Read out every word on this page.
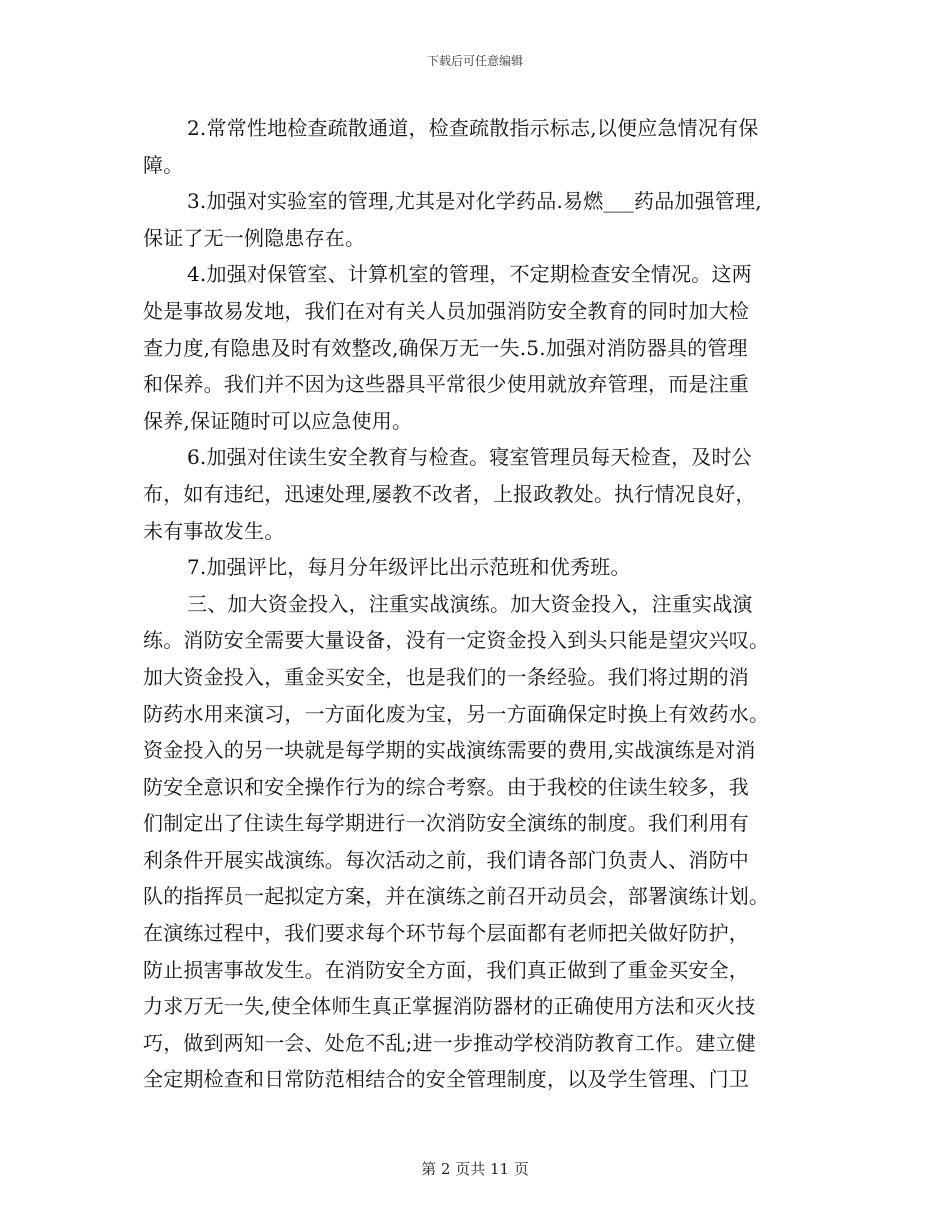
下载后可任意编辑
2.常常性地检查疏散通道，检查疏散指示标志,以便应急情况有保
障。
3.加强对实验室的管理,尤其是对化学药品.易燃___药品加强管理,
保证了无一例隐患存在。
4.加强对保管室、计算机室的管理，不定期检查安全情况。这两
处是事故易发地，我们在对有关人员加强消防安全教育的同时加大检
查力度,有隐患及时有效整改,确保万无一失.5.加强对消防器具的管理
和保养。我们并不因为这些器具平常很少使用就放弃管理，而是注重
保养,保证随时可以应急使用。
6.加强对住读生安全教育与检查。寝室管理员每天检查，及时公
布，如有违纪，迅速处理,屡教不改者，上报政教处。执行情况良好，
未有事故发生。
7.加强评比，每月分年级评比出示范班和优秀班。
三、加大资金投入，注重实战演练。加大资金投入，注重实战演
练。消防安全需要大量设备，没有一定资金投入到头只能是望灾兴叹。
加大资金投入，重金买安全，也是我们的一条经验。我们将过期的消
防药水用来演习，一方面化废为宝，另一方面确保定时换上有效药水。
资金投入的另一块就是每学期的实战演练需要的费用,实战演练是对消
防安全意识和安全操作行为的综合考察。由于我校的住读生较多，我
们制定出了住读生每学期进行一次消防安全演练的制度。我们利用有
利条件开展实战演练。每次活动之前，我们请各部门负责人、消防中
队的指挥员一起拟定方案，并在演练之前召开动员会，部署演练计划。
在演练过程中，我们要求每个环节每个层面都有老师把关做好防护，
防止损害事故发生。在消防安全方面，我们真正做到了重金买安全，
力求万无一失,使全体师生真正掌握消防器材的正确使用方法和灭火技
巧，做到两知一会、处危不乱;进一步推动学校消防教育工作。建立健
全定期检查和日常防范相结合的安全管理制度，以及学生管理、门卫
第 2 页共 11 页
